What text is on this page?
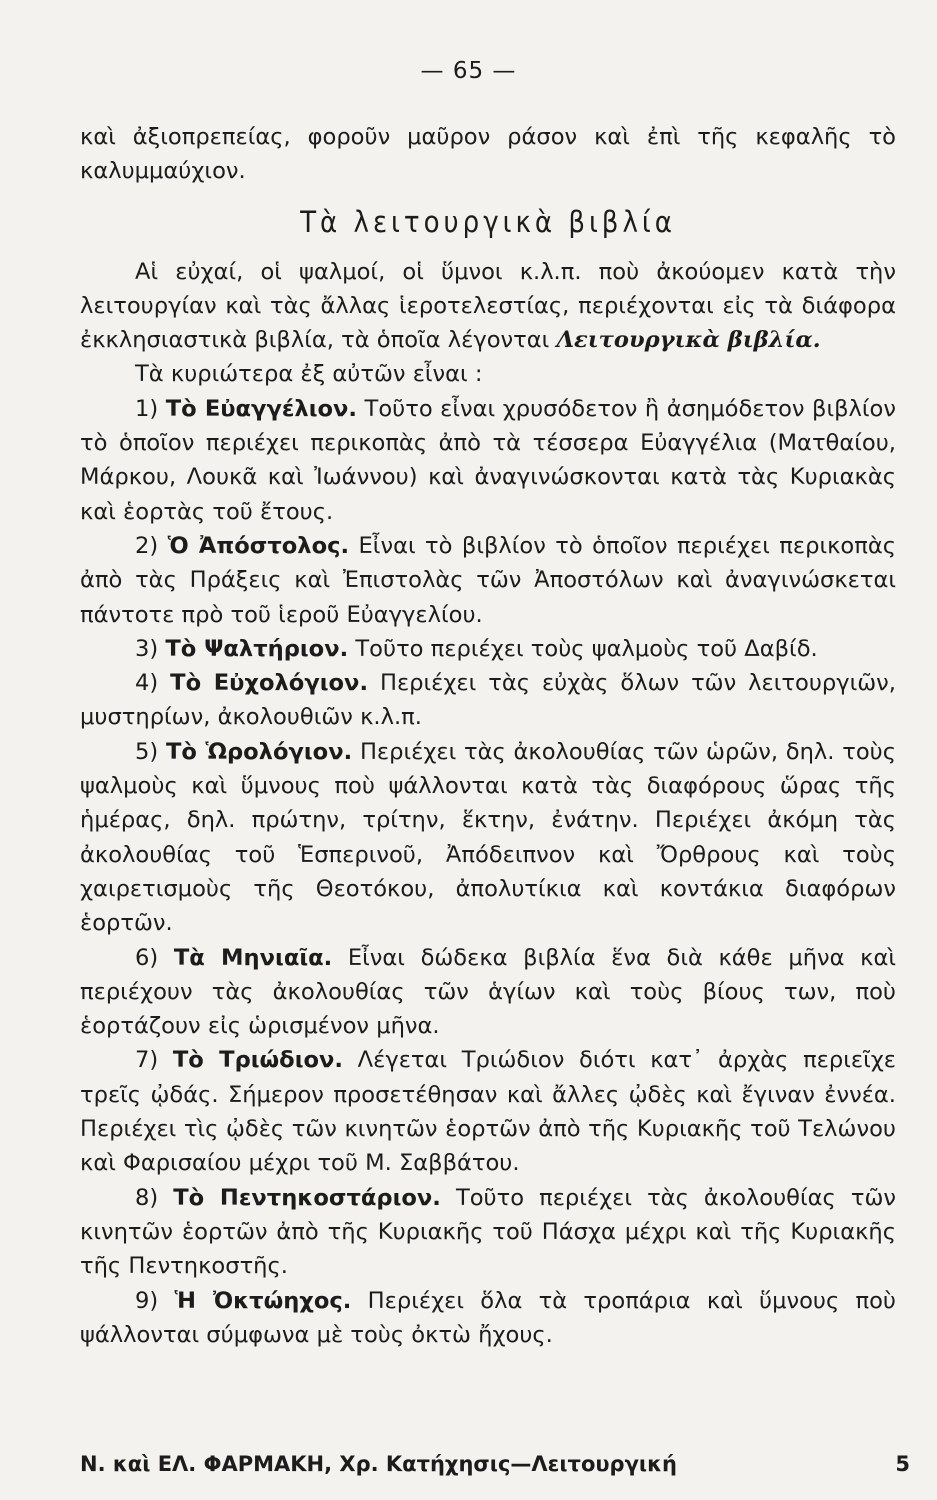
— 65 —

καὶ ἀξιοπρεπείας, φοροῦν μαῦρον ράσον καὶ ἐπὶ τῆς κεφαλῆς τὸ καλυμμαύχιον.

Τὰ λειτουργικὰ βιβλία

Αἱ εὐχαί, οἱ ψαλμοί, οἱ ὕμνοι κ.λ.π. ποὺ ἀκούομεν κατὰ τὴν λειτουργίαν καὶ τὰς ἄλλας ἱεροτελεστίας, περιέχονται εἰς τὰ διάφορα ἐκκλησιαστικὰ βιβλία, τὰ ὁποῖα λέγονται Λειτουργικὰ βιβλία.

Τὰ κυριώτερα ἐξ αὐτῶν εἶναι :

1) Τὸ Εὐαγγέλιον. Τοῦτο εἶναι χρυσόδετον ἢ ἀσημόδετον βιβλίον τὸ ὁποῖον περιέχει περικοπὰς ἀπὸ τὰ τέσσερα Εὐαγγέλια (Ματθαίου, Μάρκου, Λουκᾶ καὶ Ἰωάννου) καὶ ἀναγινώσκονται κατὰ τὰς Κυριακὰς καὶ ἑορτὰς τοῦ ἔτους.

2) Ὁ Ἀπόστολος. Εἶναι τὸ βιβλίον τὸ ὁποῖον περιέχει περικοπὰς ἀπὸ τὰς Πράξεις καὶ Ἐπιστολὰς τῶν Ἀποστόλων καὶ ἀναγινώσκεται πάντοτε πρὸ τοῦ ἱεροῦ Εὐαγγελίου.

3) Τὸ Ψαλτήριον. Τοῦτο περιέχει τοὺς ψαλμοὺς τοῦ Δαβίδ.

4) Τὸ Εὐχολόγιον. Περιέχει τὰς εὐχὰς ὅλων τῶν λειτουργιῶν, μυστηρίων, ἀκολουθιῶν κ.λ.π.

5) Τὸ Ὡρολόγιον. Περιέχει τὰς ἀκολουθίας τῶν ὡρῶν, δηλ. τοὺς ψαλμοὺς καὶ ὕμνους ποὺ ψάλλονται κατὰ τὰς διαφόρους ὥρας τῆς ἡμέρας, δηλ. πρώτην, τρίτην, ἕκτην, ἐνάτην. Περιέχει ἀκόμη τὰς ἀκολουθίας τοῦ Ἑσπερινοῦ, Ἀπόδειπνον καὶ Ὄρθρους καὶ τοὺς χαιρετισμοὺς τῆς Θεοτόκου, ἀπολυτίκια καὶ κοντάκια διαφόρων ἑορτῶν.

6) Τὰ Μηνιαῖα. Εἶναι δώδεκα βιβλία ἕνα διὰ κάθε μῆνα καὶ περιέχουν τὰς ἀκολουθίας τῶν ἁγίων καὶ τοὺς βίους των, ποὺ ἑορτάζουν εἰς ὡρισμένον μῆνα.

7) Τὸ Τριώδιον. Λέγεται Τριώδιον διότι κατ᾽ ἀρχὰς περιεῖχε τρεῖς ᾠδάς. Σήμερον προσετέθησαν καὶ ἄλλες ᾠδὲς καὶ ἔγιναν ἐννέα. Περιέχει τὶς ᾠδὲς τῶν κινητῶν ἑορτῶν ἀπὸ τῆς Κυριακῆς τοῦ Τελώνου καὶ Φαρισαίου μέχρι τοῦ Μ. Σαββάτου.

8) Τὸ Πεντηκοστάριον. Τοῦτο περιέχει τὰς ἀκολουθίας τῶν κινητῶν ἑορτῶν ἀπὸ τῆς Κυριακῆς τοῦ Πάσχα μέχρι καὶ τῆς Κυριακῆς τῆς Πεντηκοστῆς.

9) Ἡ Ὀκτώηχος. Περιέχει ὅλα τὰ τροπάρια καὶ ὕμνους ποὺ ψάλλονται σύμφωνα μὲ τοὺς ὀκτὼ ἤχους.

Ν. καὶ ΕΛ. ΦΑΡΜΑΚΗ, Χρ. Κατήχησις—Λειτουργική	5
